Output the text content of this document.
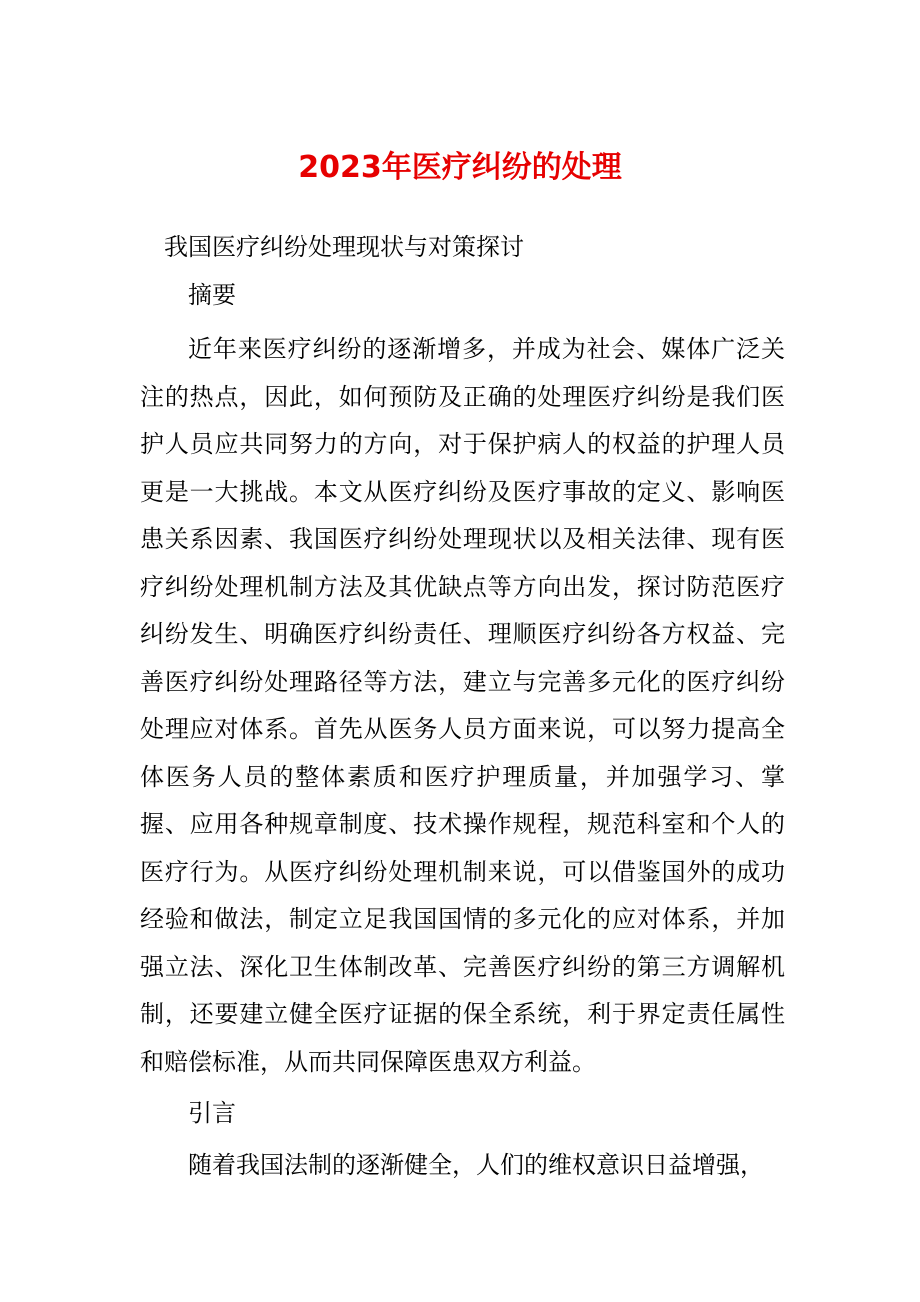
2023年医疗纠纷的处理

我国医疗纠纷处理现状与对策探讨

摘要

近年来医疗纠纷的逐渐增多，并成为社会、媒体广泛关注的热点，因此，如何预防及正确的处理医疗纠纷是我们医护人员应共同努力的方向，对于保护病人的权益的护理人员更是一大挑战。本文从医疗纠纷及医疗事故的定义、影响医患关系因素、我国医疗纠纷处理现状以及相关法律、现有医疗纠纷处理机制方法及其优缺点等方向出发，探讨防范医疗纠纷发生、明确医疗纠纷责任、理顺医疗纠纷各方权益、完善医疗纠纷处理路径等方法，建立与完善多元化的医疗纠纷处理应对体系。首先从医务人员方面来说，可以努力提高全体医务人员的整体素质和医疗护理质量，并加强学习、掌握、应用各种规章制度、技术操作规程，规范科室和个人的医疗行为。从医疗纠纷处理机制来说，可以借鉴国外的成功经验和做法，制定立足我国国情的多元化的应对体系，并加强立法、深化卫生体制改革、完善医疗纠纷的第三方调解机制，还要建立健全医疗证据的保全系统，利于界定责任属性和赔偿标准，从而共同保障医患双方利益。

引言

随着我国法制的逐渐健全，人们的维权意识日益增强，
